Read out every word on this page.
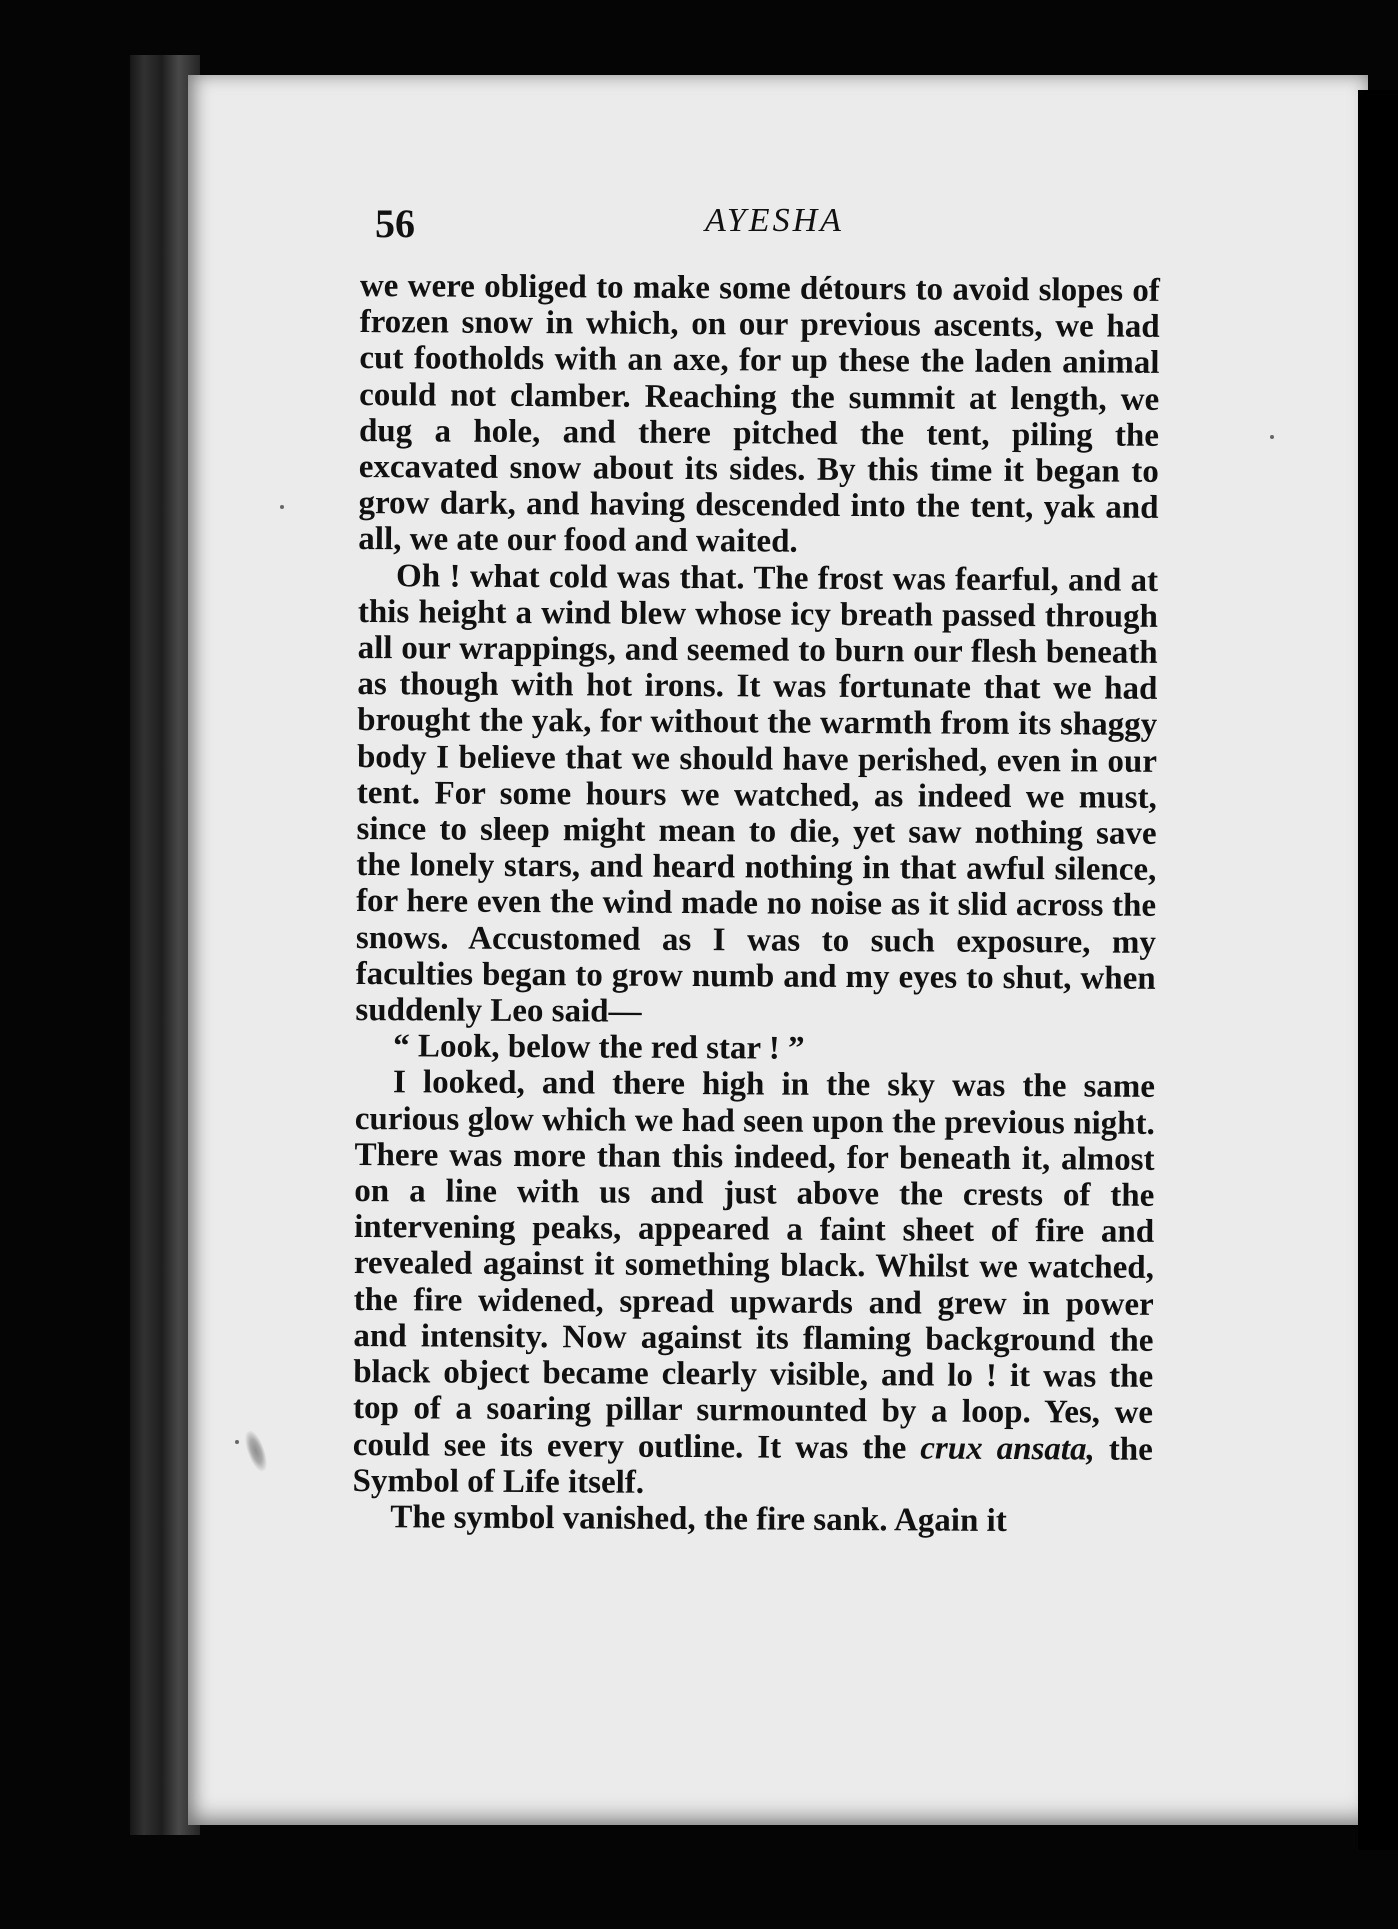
56	AYESHA

we were obliged to make some détours to avoid slopes of frozen snow in which, on our previous ascents, we had cut footholds with an axe, for up these the laden animal could not clamber. Reaching the summit at length, we dug a hole, and there pitched the tent, piling the excavated snow about its sides. By this time it began to grow dark, and having descended into the tent, yak and all, we ate our food and waited.

Oh ! what cold was that. The frost was fearful, and at this height a wind blew whose icy breath passed through all our wrappings, and seemed to burn our flesh beneath as though with hot irons. It was fortunate that we had brought the yak, for without the warmth from its shaggy body I believe that we should have perished, even in our tent. For some hours we watched, as indeed we must, since to sleep might mean to die, yet saw nothing save the lonely stars, and heard nothing in that awful silence, for here even the wind made no noise as it slid across the snows. Accustomed as I was to such exposure, my faculties began to grow numb and my eyes to shut, when suddenly Leo said—

“ Look, below the red star ! ”

I looked, and there high in the sky was the same curious glow which we had seen upon the previous night. There was more than this indeed, for beneath it, almost on a line with us and just above the crests of the intervening peaks, appeared a faint sheet of fire and revealed against it something black. Whilst we watched, the fire widened, spread upwards and grew in power and intensity. Now against its flaming background the black object became clearly visible, and lo ! it was the top of a soaring pillar surmounted by a loop. Yes, we could see its every outline. It was the crux ansata, the Symbol of Life itself.

The symbol vanished, the fire sank. Again it
